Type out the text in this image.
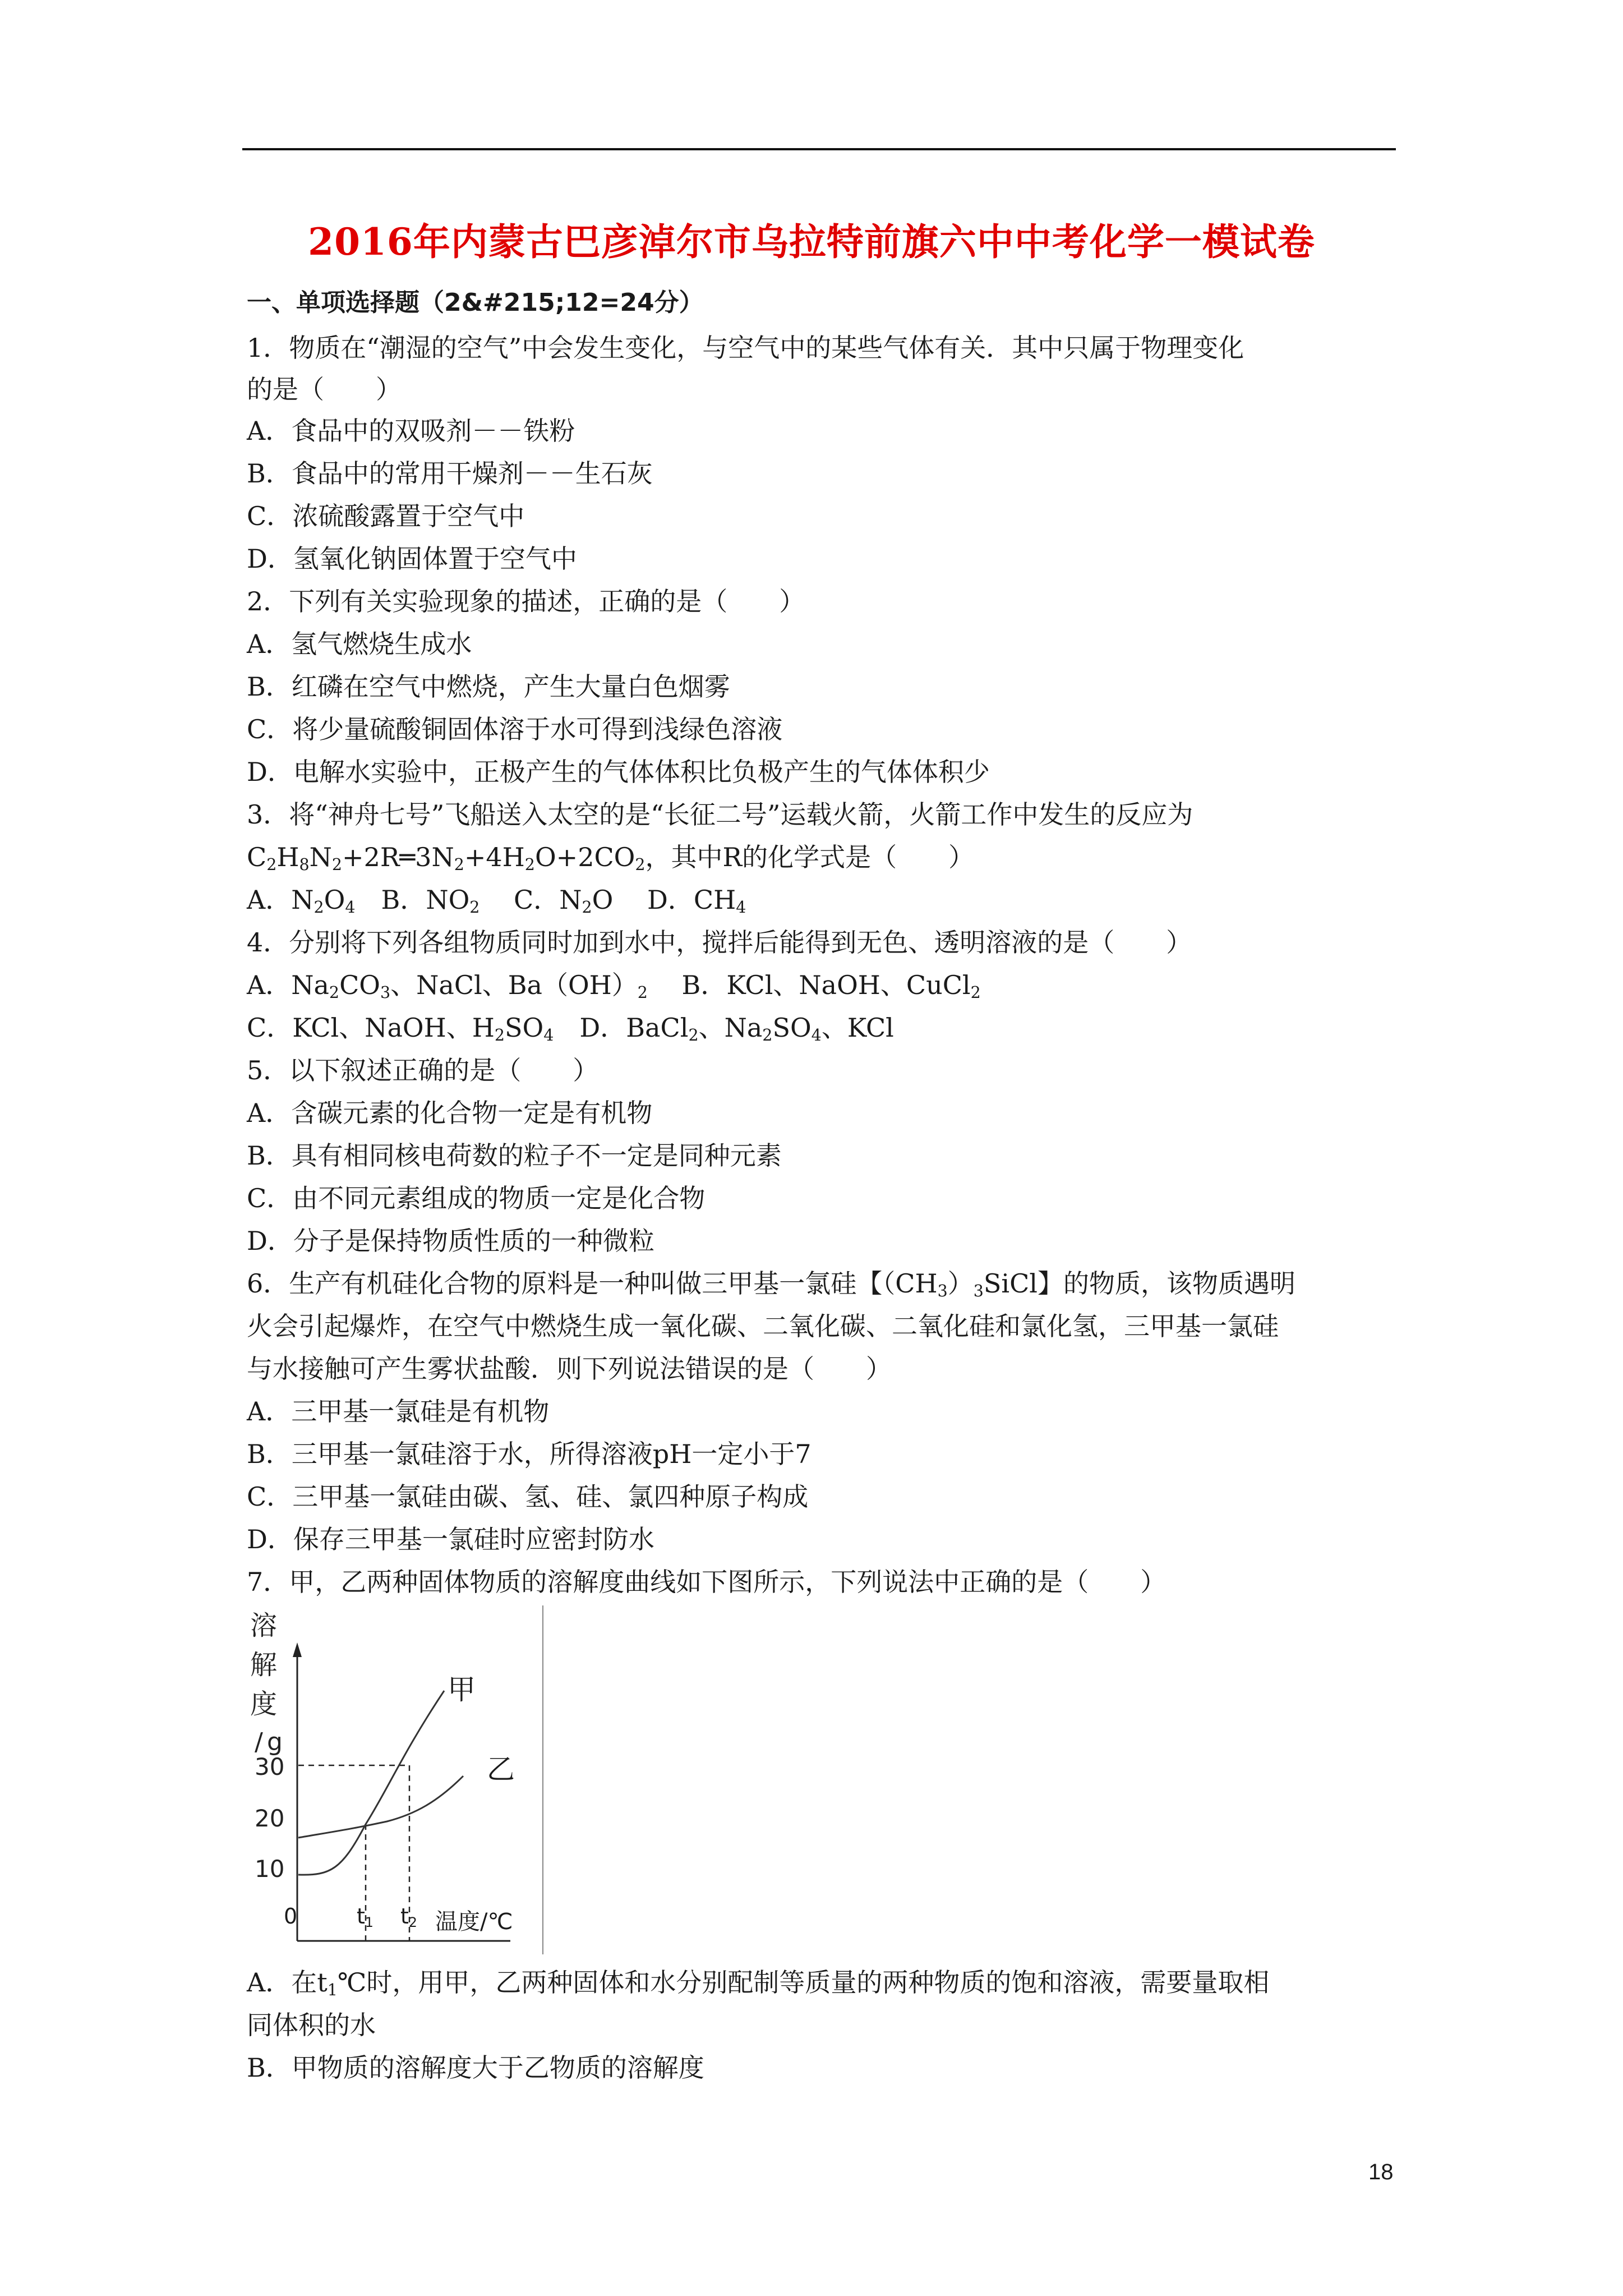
2016年内蒙古巴彦淖尔市乌拉特前旗六中中考化学一模试卷
一、单项选择题（2&#215;12=24分）
1．物质在“潮湿的空气”中会发生变化，与空气中的某些气体有关．其中只属于物理变化
的是（　　）
A．食品中的双吸剂－－铁粉
B．食品中的常用干燥剂－－生石灰
C．浓硫酸露置于空气中
D．氢氧化钠固体置于空气中
2．下列有关实验现象的描述，正确的是（　　）
A．氢气燃烧生成水
B．红磷在空气中燃烧，产生大量白色烟雾
C．将少量硫酸铜固体溶于水可得到浅绿色溶液
D．电解水实验中，正极产生的气体体积比负极产生的气体体积少
3．将“神舟七号”飞船送入太空的是“长征二号”运载火箭，火箭工作中发生的反应为
$C_2H_8N_2+2R═3N_2+4H_2O+2CO_2$，其中R的化学式是（　　）
A．$N_2O_4$　B．$NO_2$　 C．$N_2O$　 D．$CH_4$
4．分别将下列各组物质同时加到水中，搅拌后能得到无色、透明溶液的是（　　）
A．$Na_2CO_3$、NaCl、$Ba(OH)_2$　 B．KCl、NaOH、CuCl$_2$
C．KCl、NaOH、$H_2SO_4$　D．BaCl$_2$、$Na_2SO_4$、KCl
5．以下叙述正确的是（　　）
A．含碳元素的化合物一定是有机物
B．具有相同核电荷数的粒子不一定是同种元素
C．由不同元素组成的物质一定是化合物
D．分子是保持物质性质的一种微粒
6．生产有机硅化合物的原料是一种叫做三甲基一氯硅【$(CH_3)_3SiCl$】的物质，该物质遇明
火会引起爆炸，在空气中燃烧生成一氧化碳、二氧化碳、二氧化硅和氯化氢，三甲基一氯硅
与水接触可产生雾状盐酸．则下列说法错误的是（　　）
A．三甲基一氯硅是有机物
B．三甲基一氯硅溶于水，所得溶液pH一定小于7
C．三甲基一氯硅由碳、氢、硅、氯四种原子构成
D．保存三甲基一氯硅时应密封防水
7．甲，乙两种固体物质的溶解度曲线如下图所示，下列说法中正确的是（　　）
溶
解
度
/ g
30
20
10
0	$t_1$ $t_2$ 温度/℃
甲
乙
A．在$t_1℃$时，用甲，乙两种固体和水分别配制等质量的两种物质的饱和溶液，需要量取相
同体积的水
B．甲物质的溶解度大于乙物质的溶解度
18
